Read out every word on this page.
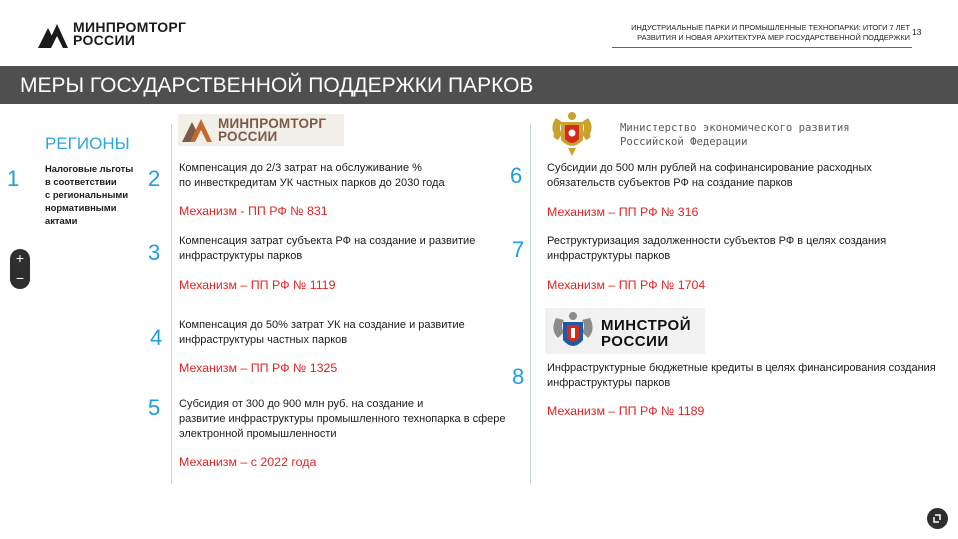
МИНПРОМТОРГ
РОССИИ
ИНДУСТРИАЛЬНЫЕ ПАРКИ И ПРОМЫШЛЕННЫЕ ТЕХНОПАРКИ: ИТОГИ 7 ЛЕТ
РАЗВИТИЯ И НОВАЯ АРХИТЕКТУРА МЕР ГОСУДАРСТВЕННОЙ ПОДДЕРЖКИ
13
МЕРЫ ГОСУДАРСТВЕННОЙ ПОДДЕРЖКИ ПАРКОВ
РЕГИОНЫ
1	Налоговые льготы
в соответствии
с региональными
нормативными
актами
+
−
МИНПРОМТОРГ
РОССИИ
2 Компенсация до 2/3 затрат на обслуживание %
по инвесткредитам УК частных парков до 2030 года
Механизм - ПП РФ № 831
3 Компенсация затрат субъекта РФ на создание и развитие
инфраструктуры парков
Механизм – ПП РФ № 1119
4 Компенсация до 50% затрат УК на создание и развитие
инфраструктуры частных парков
Механизм – ПП РФ № 1325
5 Субсидия от 300 до 900 млн руб. на создание и
развитие инфраструктуры промышленного технопарка в сфере
электронной промышленности
Механизм – с 2022 года
Министерство экономического развития
Российской Федерации
6 Субсидии до 500 млн рублей на софинансирование расходных
обязательств субъектов РФ на создание парков
Механизм – ПП РФ № 316
7 Реструктуризация задолженности субъектов РФ в целях создания
инфраструктуры парков
Механизм – ПП РФ № 1704
МИНСТРОЙ
РОССИИ
8 Инфраструктурные бюджетные кредиты в целях финансирования создания
инфраструктуры парков
Механизм – ПП РФ № 1189
